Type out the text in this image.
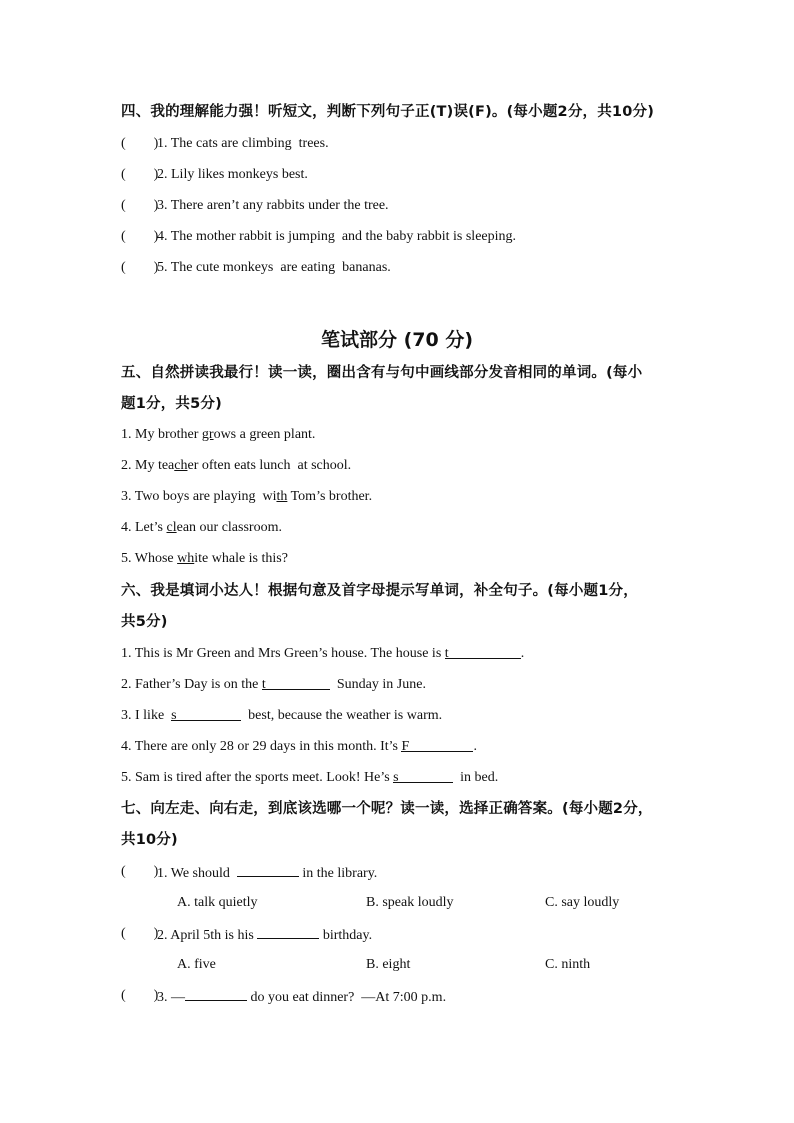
四、我的理解能力强！听短文，判断下列句子正(T)误(F)。(每小题2分，共10分)
(        )
1. The cats are climbing  trees.
(        )
2. Lily likes monkeys best.
(        )
3. There aren’t any rabbits under the tree.
(        )
4. The mother rabbit is jumping  and the baby rabbit is sleeping.
(        )
5. The cute monkeys  are eating  bananas.
笔试部分 (70 分)
五、自然拼读我最行！读一读，圈出含有与句中画线部分发音相同的单词。(每小
题1分，共5分)
1. My brother grows a green plant.
2. My teacher often eats lunch  at school.
3. Two boys are playing  with Tom’s brother.
4. Let’s clean our classroom.
5. Whose white whale is this?
六、我是填词小达人！根据句意及首字母提示写单词，补全句子。(每小题1分，
共5分)
1. This is Mr Green and Mrs Green’s house. The house is t	.
2. Father’s Day is on the t	Sunday in June.
3. I like  s	best, because the weather is warm.
4. There are only 28 or 29 days in this month. It’s F	.
5. Sam is tired after the sports meet. Look! He’s s	in bed.
七、向左走、向右走，到底该选哪一个呢？读一读，选择正确答案。(每小题2分，
共10分)
(        )
1. We should	in the library.
A. talk quietly	B. speak loudly	C. say loudly
(        )
2. April 5th is his	birthday.
A. five	B. eight	C. ninth
(        )
3. —	do you eat dinner?  —At 7:00 p.m.
